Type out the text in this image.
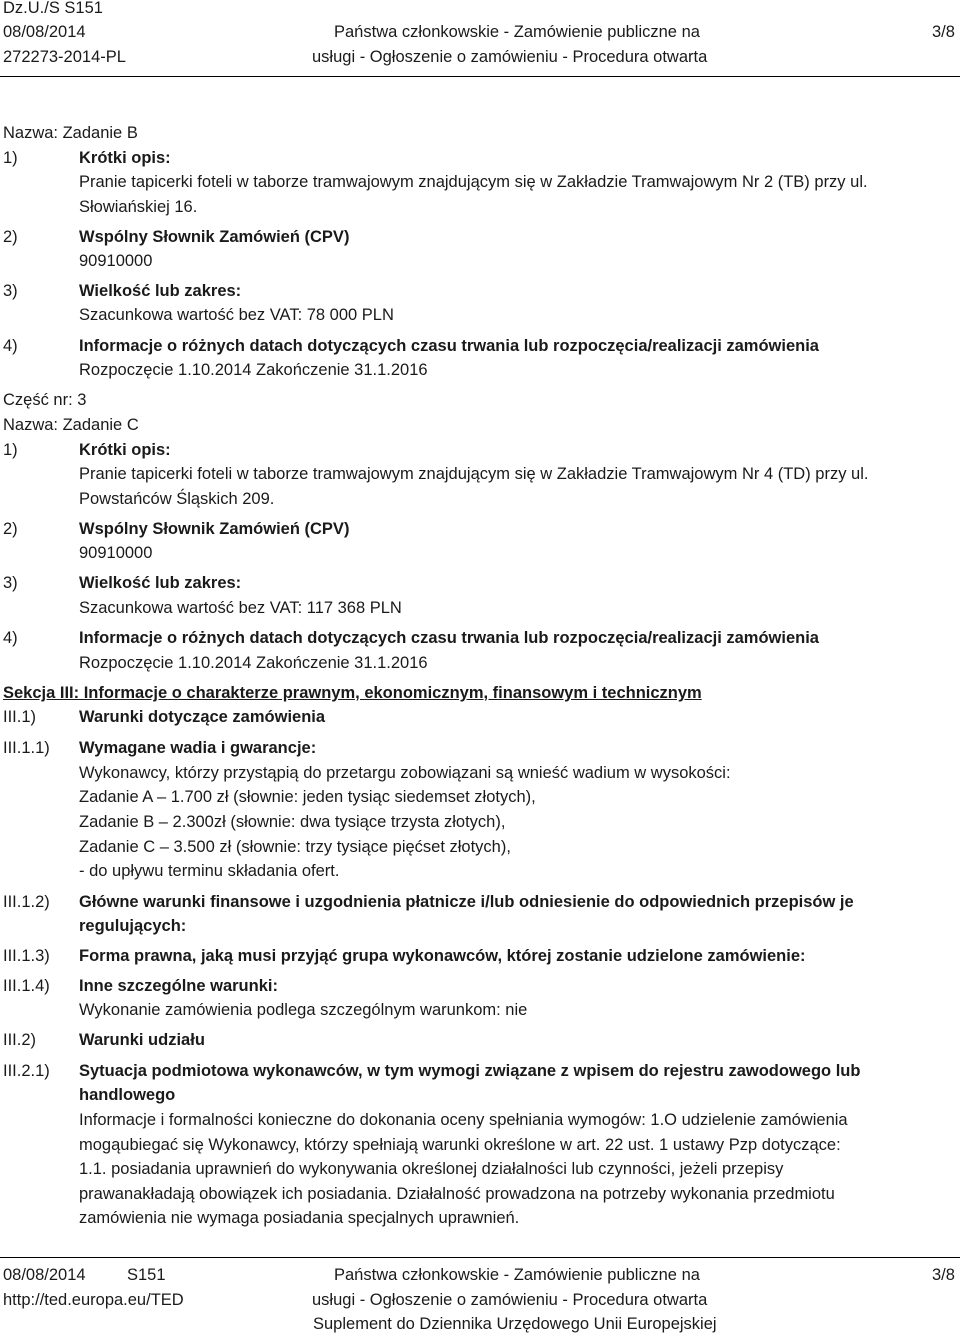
Dz.U./S S151
08/08/2014
272273-2014-PL
Państwa członkowskie - Zamówienie publiczne na
usługi - Ogłoszenie o zamówieniu - Procedura otwarta
3/8
Nazwa: Zadanie B
1)	Krótki opis:
Pranie tapicerki foteli w taborze tramwajowym znajdującym się w Zakładzie Tramwajowym Nr 2 (TB) przy ul.
Słowiańskiej 16.
2)	Wspólny Słownik Zamówień (CPV)
90910000
3)	Wielkość lub zakres:
Szacunkowa wartość bez VAT: 78 000 PLN
4)	Informacje o różnych datach dotyczących czasu trwania lub rozpoczęcia/realizacji zamówienia
Rozpoczęcie 1.10.2014 Zakończenie 31.1.2016
Część nr: 3
Nazwa: Zadanie C
1)	Krótki opis:
Pranie tapicerki foteli w taborze tramwajowym znajdującym się w Zakładzie Tramwajowym Nr 4 (TD) przy ul.
Powstańców Śląskich 209.
2)	Wspólny Słownik Zamówień (CPV)
90910000
3)	Wielkość lub zakres:
Szacunkowa wartość bez VAT: 117 368 PLN
4)	Informacje o różnych datach dotyczących czasu trwania lub rozpoczęcia/realizacji zamówienia
Rozpoczęcie 1.10.2014 Zakończenie 31.1.2016
Sekcja III: Informacje o charakterze prawnym, ekonomicznym, finansowym i technicznym
III.1)	Warunki dotyczące zamówienia
III.1.1) Wymagane wadia i gwarancje:
Wykonawcy, którzy przystąpią do przetargu zobowiązani są wnieść wadium w wysokości:
Zadanie A – 1.700 zł (słownie: jeden tysiąc siedemset złotych),
Zadanie B – 2.300zł (słownie: dwa tysiące trzysta złotych),
Zadanie C – 3.500 zł (słownie: trzy tysiące pięćset złotych),
- do upływu terminu składania ofert.
III.1.2) Główne warunki finansowe i uzgodnienia płatnicze i/lub odniesienie do odpowiednich przepisów je
regulujących:
III.1.3) Forma prawna, jaką musi przyjąć grupa wykonawców, której zostanie udzielone zamówienie:
III.1.4) Inne szczególne warunki:
Wykonanie zamówienia podlega szczególnym warunkom: nie
III.2)	Warunki udziału
III.2.1) Sytuacja podmiotowa wykonawców, w tym wymogi związane z wpisem do rejestru zawodowego lub
handlowego
Informacje i formalności konieczne do dokonania oceny spełniania wymogów: 1.O udzielenie zamówienia
mogąubiegać się Wykonawcy, którzy spełniają warunki określone w art. 22 ust. 1 ustawy Pzp dotyczące:
1.1. posiadania uprawnień do wykonywania określonej działalności lub czynności, jeżeli przepisy
prawanakładają obowiązek ich posiadania. Działalność prowadzona na potrzeby wykonania przedmiotu
zamówienia nie wymaga posiadania specjalnych uprawnień.
08/08/2014	S151
http://ted.europa.eu/TED
Państwa członkowskie - Zamówienie publiczne na
usługi - Ogłoszenie o zamówieniu - Procedura otwarta
Suplement do Dziennika Urzędowego Unii Europejskiej
3/8
